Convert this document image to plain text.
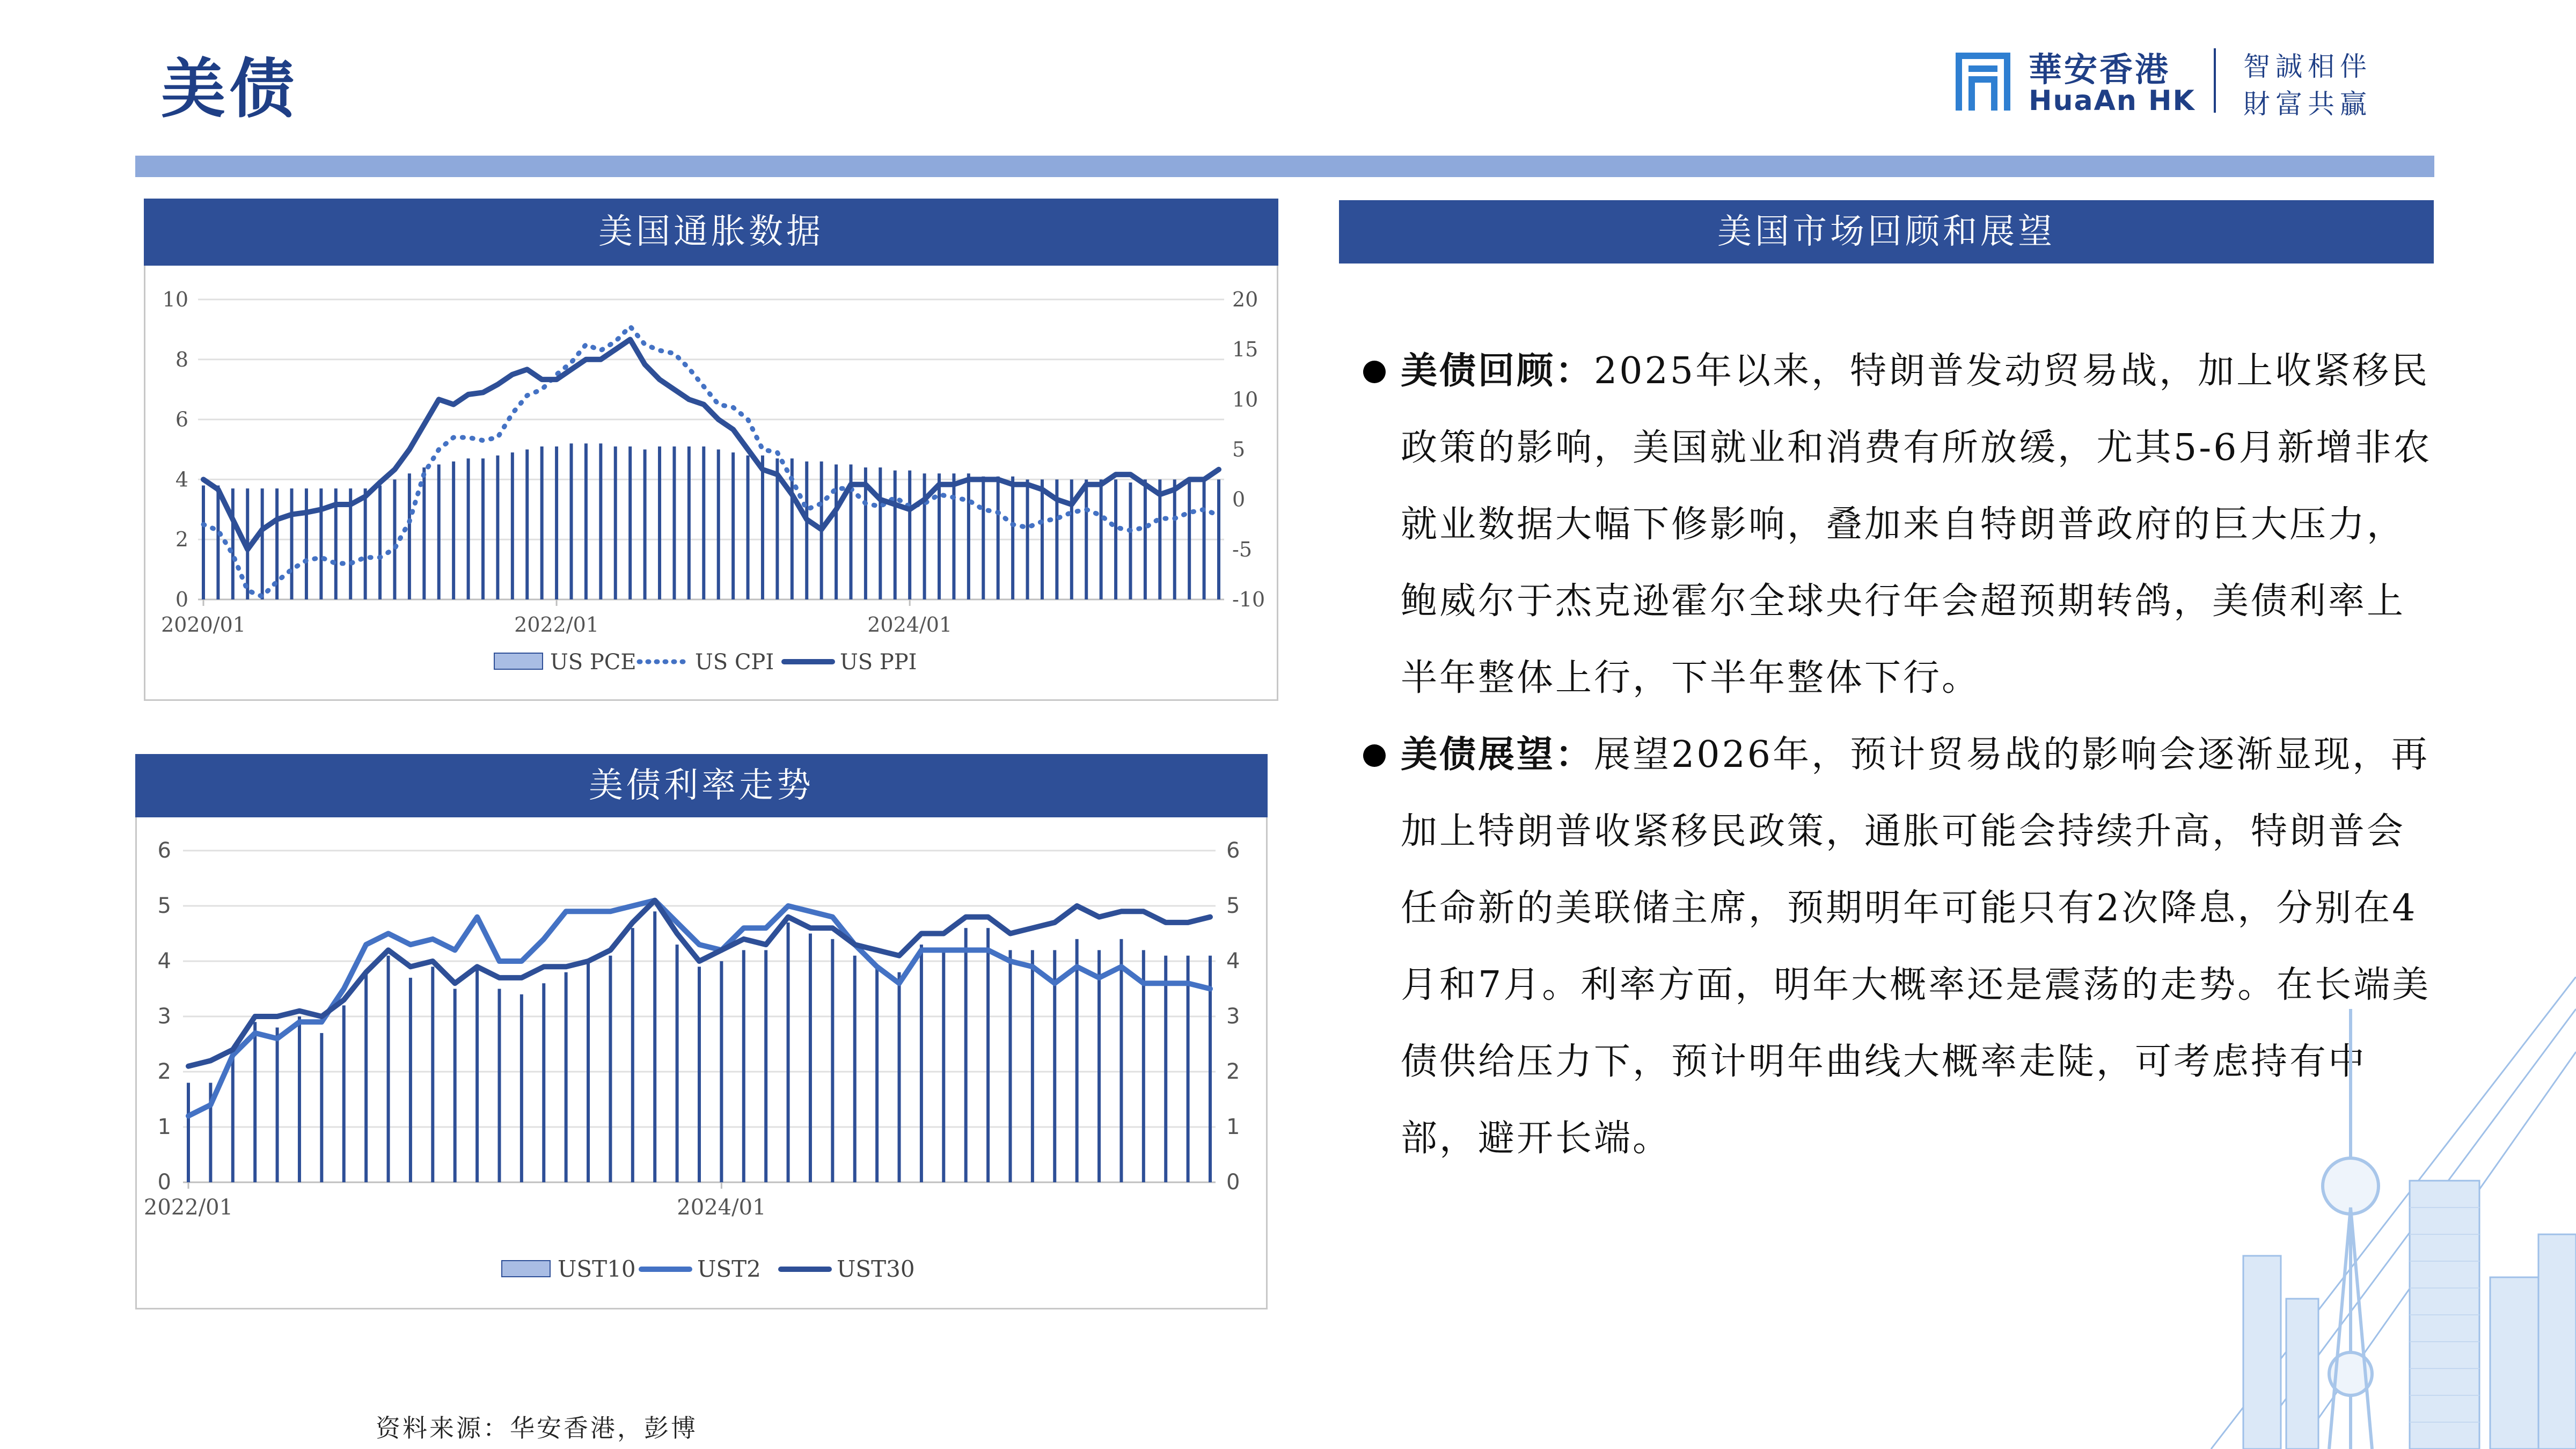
美债	華安香港
HuaAn HK
智誠相伴
財富共贏
0
2
4
6
8
10
-10
-5
0
5
10
15
20
2020/01	2022/01	2024/01
US PCE	US CPI	US PPI
美国通胀数据
0
1
2
3
4
5
6
0
1
2
3
4
5
6
2022/01	2024/01
UST10	UST2	UST30
美债利率走势
美国市场回顾和展望
美债回顾：2025年以来，特朗普发动贸易战，加上收紧移民政策的影响，美国就业和消费有所放缓，尤其5-6月新增非农就业数据大幅下修影响，叠加来自特朗普政府的巨大压力，鲍威尔于杰克逊霍尔全球央行年会超预期转鸽，美债利率上半年整体上行，下半年整体下行。
美债展望：展望2026年，预计贸易战的影响会逐渐显现，再加上特朗普收紧移民政策，通胀可能会持续升高，特朗普会任命新的美联储主席，预期明年可能只有2次降息，分别在4月和7月。利率方面，明年大概率还是震荡的走势。在长端美债供给压力下，预计明年曲线大概率走陡，可考虑持有中部，避开长端。
资料来源：华安香港，彭博
